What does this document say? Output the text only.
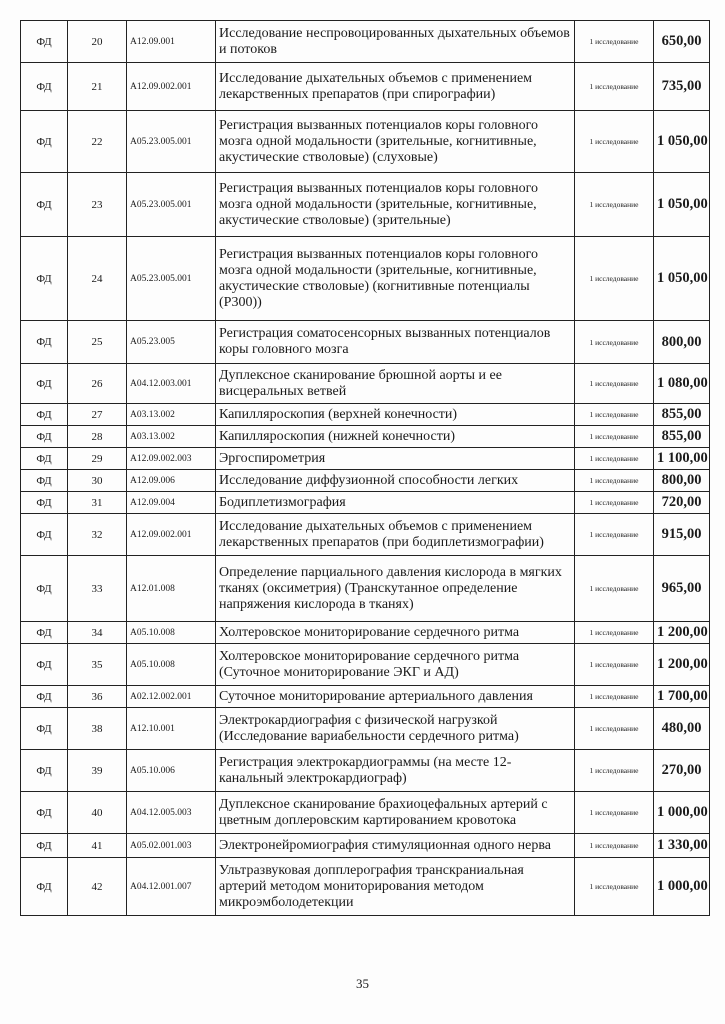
ФД	20	A12.09.001	Исследование неспровоцированных дыхательных объемов и потоков	1 исследование	650,00
ФД	21	A12.09.002.001	Исследование дыхательных объемов с применением лекарственных препаратов (при спирографии)	1 исследование	735,00
ФД	22	A05.23.005.001	Регистрация вызванных потенциалов коры головного мозга одной модальности (зрительные, когнитивные, акустические стволовые) (слуховые)	1 исследование	1 050,00
ФД	23	A05.23.005.001	Регистрация вызванных потенциалов коры головного мозга одной модальности (зрительные, когнитивные, акустические стволовые) (зрительные)	1 исследование	1 050,00
ФД	24	A05.23.005.001	Регистрация вызванных потенциалов коры головного мозга одной модальности (зрительные, когнитивные, акустические стволовые) (когнитивные потенциалы (Р300))	1 исследование	1 050,00
ФД	25	A05.23.005	Регистрация соматосенсорных вызванных потенциалов коры головного мозга	1 исследование	800,00
ФД	26	A04.12.003.001	Дуплексное сканирование брюшной аорты и ее висцеральных ветвей	1 исследование	1 080,00
ФД	27	A03.13.002	Капилляроскопия (верхней конечности)	1 исследование	855,00
ФД	28	A03.13.002	Капилляроскопия (нижней конечности)	1 исследование	855,00
ФД	29	A12.09.002.003	Эргоспирометрия	1 исследование	1 100,00
ФД	30	A12.09.006	Исследование диффузионной способности легких	1 исследование	800,00
ФД	31	A12.09.004	Бодиплетизмография	1 исследование	720,00
ФД	32	A12.09.002.001	Исследование дыхательных объемов с применением лекарственных препаратов (при бодиплетизмографии)	1 исследование	915,00
ФД	33	A12.01.008	Определение парциального давления кислорода в мягких тканях (оксиметрия) (Транскутанное определение напряжения кислорода в тканях)	1 исследование	965,00
ФД	34	A05.10.008	Холтеровское мониторирование сердечного ритма	1 исследование	1 200,00
ФД	35	A05.10.008	Холтеровское мониторирование сердечного ритма (Суточное мониторирование ЭКГ и АД)	1 исследование	1 200,00
ФД	36	A02.12.002.001	Суточное мониторирование артериального давления	1 исследование	1 700,00
ФД	38	A12.10.001	Электрокардиография с физической нагрузкой (Исследование вариабельности сердечного ритма)	1 исследование	480,00
ФД	39	A05.10.006	Регистрация электрокардиограммы (на месте 12-канальный электрокардиограф)	1 исследование	270,00
ФД	40	A04.12.005.003	Дуплексное сканирование брахиоцефальных артерий с цветным доплеровским картированием кровотока	1 исследование	1 000,00
ФД	41	A05.02.001.003	Электронейромиография стимуляционная одного нерва	1 исследование	1 330,00
ФД	42	A04.12.001.007	Ультразвуковая допплерография транскраниальная артерий методом мониторирования методом микроэмболодетекции	1 исследование	1 000,00
35
